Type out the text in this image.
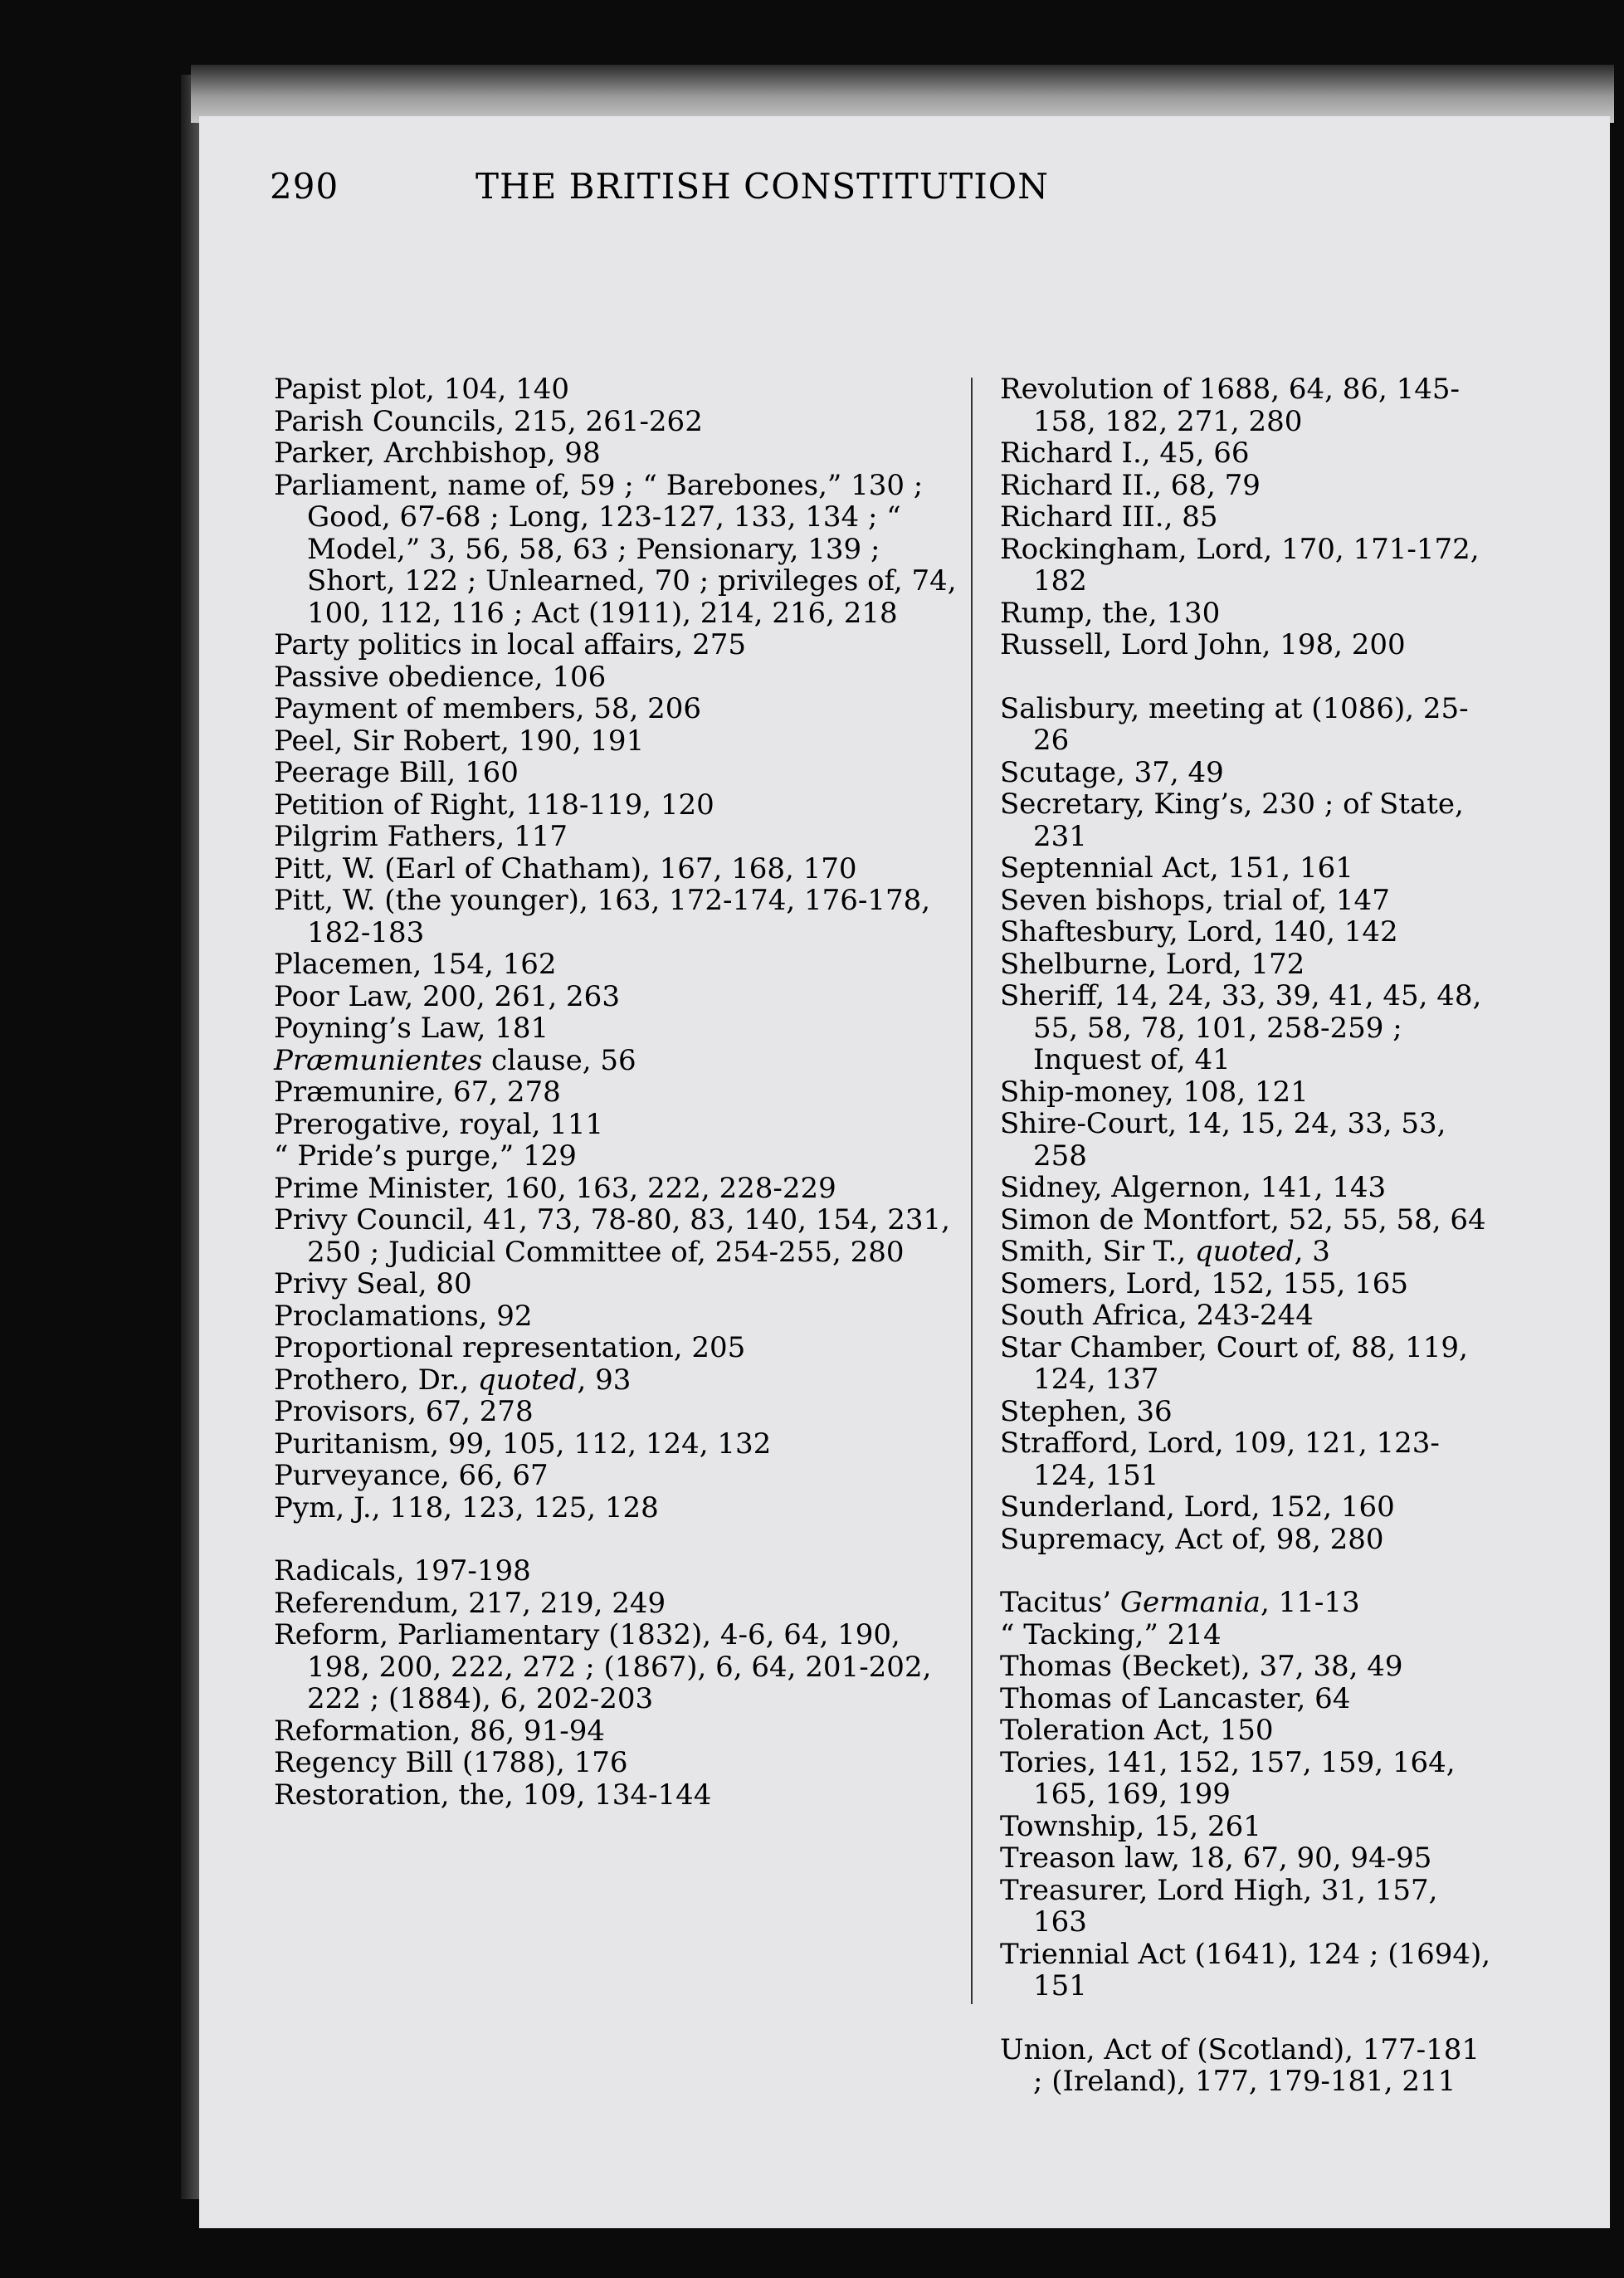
290	THE BRITISH CONSTITUTION

Papist plot, 104, 140

Parish Councils, 215, 261-262

Parker, Archbishop, 98

Parliament, name of, 59 ; “ Barebones,” 130 ; Good, 67-68 ; Long, 123-127, 133, 134 ; “ Model,” 3, 56, 58, 63 ; Pensionary, 139 ; Short, 122 ; Unlearned, 70 ; privileges of, 74, 100, 112, 116 ; Act (1911), 214, 216, 218

Party politics in local affairs, 275

Passive obedience, 106

Payment of members, 58, 206

Peel, Sir Robert, 190, 191

Peerage Bill, 160

Petition of Right, 118-119, 120

Pilgrim Fathers, 117

Pitt, W. (Earl of Chatham), 167, 168, 170

Pitt, W. (the younger), 163, 172-174, 176-178, 182-183

Placemen, 154, 162

Poor Law, 200, 261, 263

Poyning’s Law, 181

Præmunientes clause, 56

Præmunire, 67, 278

Prerogative, royal, 111

“ Pride’s purge,” 129

Prime Minister, 160, 163, 222, 228-229

Privy Council, 41, 73, 78-80, 83, 140, 154, 231, 250 ; Judicial Committee of, 254-255, 280

Privy Seal, 80

Proclamations, 92

Proportional representation, 205

Prothero, Dr., quoted, 93

Provisors, 67, 278

Puritanism, 99, 105, 112, 124, 132

Purveyance, 66, 67

Pym, J., 118, 123, 125, 128

Radicals, 197-198

Referendum, 217, 219, 249

Reform, Parliamentary (1832), 4-6, 64, 190, 198, 200, 222, 272 ; (1867), 6, 64, 201-202, 222 ; (1884), 6, 202-203

Reformation, 86, 91-94

Regency Bill (1788), 176

Restoration, the, 109, 134-144

Revolution of 1688, 64, 86, 145-158, 182, 271, 280

Richard I., 45, 66

Richard II., 68, 79

Richard III., 85

Rockingham, Lord, 170, 171-172, 182

Rump, the, 130

Russell, Lord John, 198, 200

Salisbury, meeting at (1086), 25-26

Scutage, 37, 49

Secretary, King’s, 230 ; of State, 231

Septennial Act, 151, 161

Seven bishops, trial of, 147

Shaftesbury, Lord, 140, 142

Shelburne, Lord, 172

Sheriff, 14, 24, 33, 39, 41, 45, 48, 55, 58, 78, 101, 258-259 ; Inquest of, 41

Ship-money, 108, 121

Shire-Court, 14, 15, 24, 33, 53, 258

Sidney, Algernon, 141, 143

Simon de Montfort, 52, 55, 58, 64

Smith, Sir T., quoted, 3

Somers, Lord, 152, 155, 165

South Africa, 243-244

Star Chamber, Court of, 88, 119, 124, 137

Stephen, 36

Strafford, Lord, 109, 121, 123-124, 151

Sunderland, Lord, 152, 160

Supremacy, Act of, 98, 280

Tacitus’ Germania, 11-13

“ Tacking,” 214

Thomas (Becket), 37, 38, 49

Thomas of Lancaster, 64

Toleration Act, 150

Tories, 141, 152, 157, 159, 164, 165, 169, 199

Township, 15, 261

Treason law, 18, 67, 90, 94-95

Treasurer, Lord High, 31, 157, 163

Triennial Act (1641), 124 ; (1694), 151

Union, Act of (Scotland), 177-181 ; (Ireland), 177, 179-181, 211
